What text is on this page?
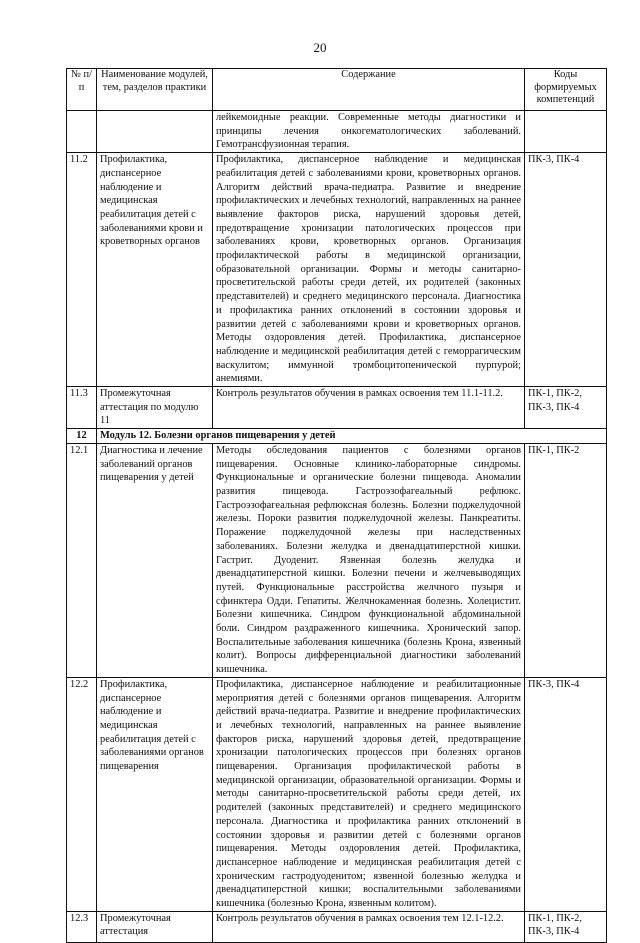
20
№ п/п	Наименование модулей, тем, разделов практики	Содержание	Коды формируемых компетенций
		лейкемоидные реакции. Современные методы диагностики и принципы лечения онкогематологических заболеваний. Гемотрансфузионная терапия.	
11.2	Профилактика, диспансерное наблюдение и медицинская реабилитация детей с заболеваниями крови и кроветворных органов	Профилактика, диспансерное наблюдение и медицинская реабилитация детей с заболеваниями крови, кроветворных органов. Алгоритм действий врача-педиатра. Развитие и внедрение профилактических и лечебных технологий, направленных на раннее выявление факторов риска, нарушений здоровья детей, предотвращение хронизации патологических процессов при заболеваниях крови, кроветворных органов. Организация профилактической работы в медицинской организации, образовательной организации. Формы и методы санитарно-просветительской работы среди детей, их родителей (законных представителей) и среднего медицинского персонала. Диагностика и профилактика ранних отклонений в состоянии здоровья и развитии детей с заболеваниями крови и кроветворных органов. Методы оздоровления детей. Профилактика, диспансерное наблюдение и медицинской реабилитация детей с геморрагическим васкулитом; иммунной тромбоцитопенической пурпурой; анемиями.	ПК-3, ПК-4
11.3	Промежуточная аттестация по модулю 11	Контроль результатов обучения в рамках освоения тем 11.1-11.2.	ПК-1, ПК-2, ПК-3, ПК-4
12	Модуль 12. Болезни органов пищеварения у детей		
12.1	Диагностика и лечение заболеваний органов пищеварения у детей	Методы обследования пациентов с болезнями органов пищеварения. Основные клинико-лабораторные синдромы. Функциональные и органические болезни пищевода. Аномалии развития пищевода. Гастроэзофагеальный рефлюкс. Гастроэзофагеальная рефлюксная болезнь. Болезни поджелудочной железы. Пороки развития поджелудочной железы. Панкреатиты. Поражение поджелудочной железы при наследственных заболеваниях. Болезни желудка и двенадцатиперстной кишки. Гастрит. Дуоденит. Язвенная болезнь желудка и двенадцатиперстной кишки. Болезни печени и желчевыводящих путей. Функциональные расстройства желчного пузыря и сфинктера Одди. Гепатиты. Желчнокаменная болезнь. Холецистит. Болезни кишечника. Синдром функциональной абдоминальной боли. Синдром раздраженного кишечника. Хронический запор. Воспалительные заболевания кишечника (болезнь Крона, язвенный колит). Вопросы дифференциальной диагностики заболеваний кишечника.	ПК-1, ПК-2
12.2	Профилактика, диспансерное наблюдение и медицинская реабилитация детей с заболеваниями органов пищеварения	Профилактика, диспансерное наблюдение и реабилитационные мероприятия детей с болезнями органов пищеварения. Алгоритм действий врача-педиатра. Развитие и внедрение профилактических и лечебных технологий, направленных на раннее выявление факторов риска, нарушений здоровья детей, предотвращение хронизации патологических процессов при болезнях органов пищеварения. Организация профилактической работы в медицинской организации, образовательной организации. Формы и методы санитарно-просветительской работы среди детей, их родителей (законных представителей) и среднего медицинского персонала. Диагностика и профилактика ранних отклонений в состоянии здоровья и развитии детей с болезнями органов пищеварения. Методы оздоровления детей. Профилактика, диспансерное наблюдение и медицинская реабилитация детей с хроническим гастродуоденитом; язвенной болезнью желудка и двенадцатиперстной кишки; воспалительными заболеваниями кишечника (болезнью Крона, язвенным колитом).	ПК-3, ПК-4
12.3	Промежуточная аттестация	Контроль результатов обучения в рамках освоения тем 12.1-12.2.	ПК-1, ПК-2, ПК-3, ПК-4
